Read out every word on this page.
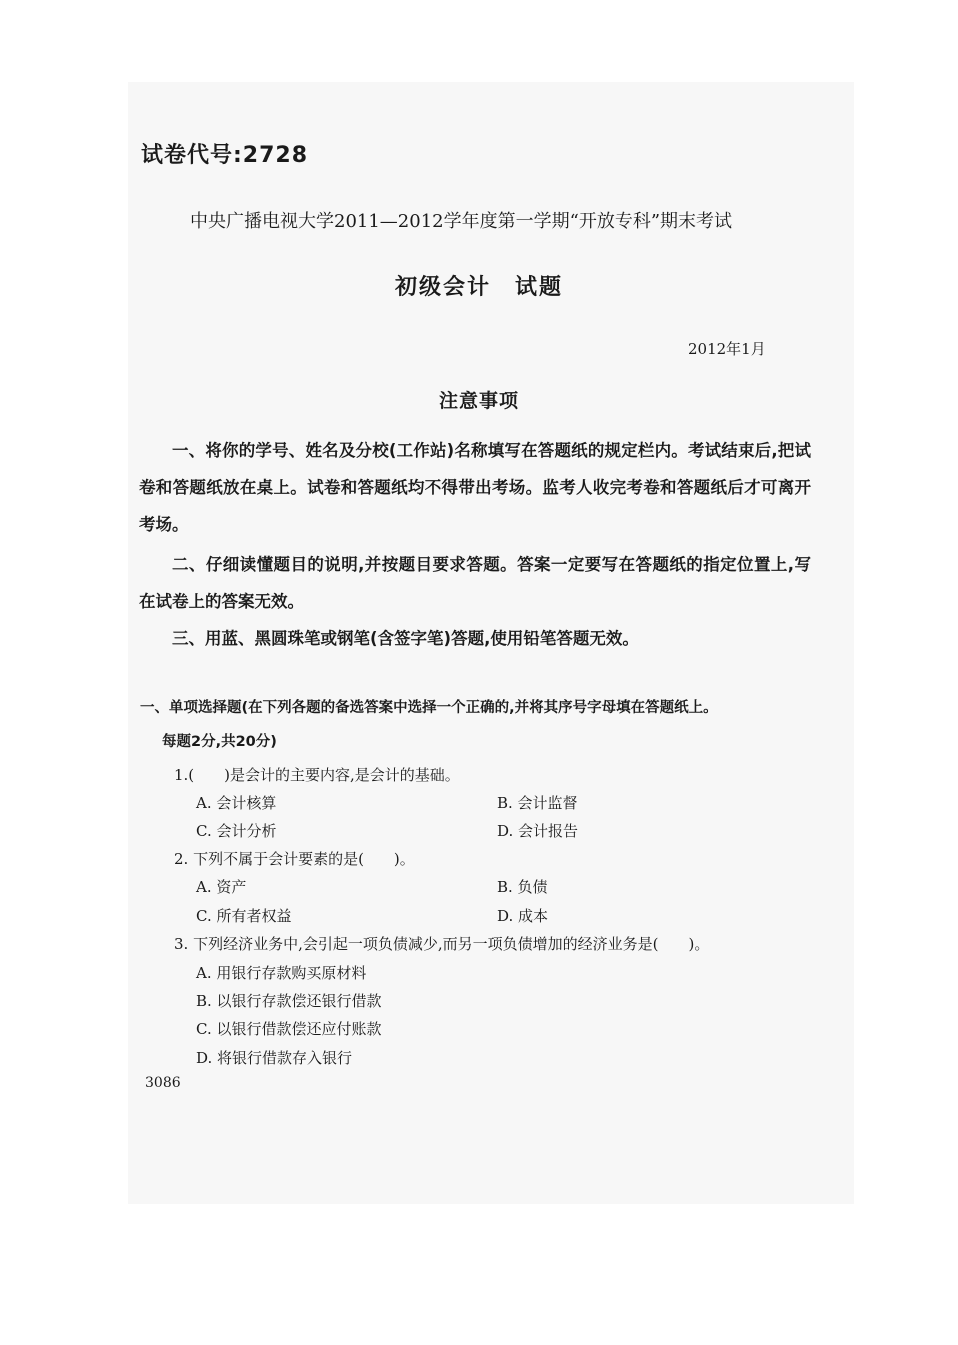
试卷代号:2728
中央广播电视大学2011—2012学年度第一学期“开放专科”期末考试
初级会计 试题
2012年1月
注意事项

一、将你的学号、姓名及分校(工作站)名称填写在答题纸的规定栏内。考试结束后,把试卷和答题纸放在桌上。试卷和答题纸均不得带出考场。监考人收完考卷和答题纸后才可离开考场。

二、仔细读懂题目的说明,并按题目要求答题。答案一定要写在答题纸的指定位置上,写在试卷上的答案无效。

三、用蓝、黑圆珠笔或钢笔(含签字笔)答题,使用铅笔答题无效。

一、单项选择题(在下列各题的备选答案中选择一个正确的,并将其序号字母填在答题纸上。
每题2分,共20分)
1.(　　)是会计的主要内容,是会计的基础。
A. 会计核算	B. 会计监督
C. 会计分析	D. 会计报告
2. 下列不属于会计要素的是(　　)。
A. 资产	B. 负债
C. 所有者权益	D. 成本
3. 下列经济业务中,会引起一项负债减少,而另一项负债增加的经济业务是(　　)。
A. 用银行存款购买原材料
B. 以银行存款偿还银行借款
C. 以银行借款偿还应付账款
D. 将银行借款存入银行
3086
